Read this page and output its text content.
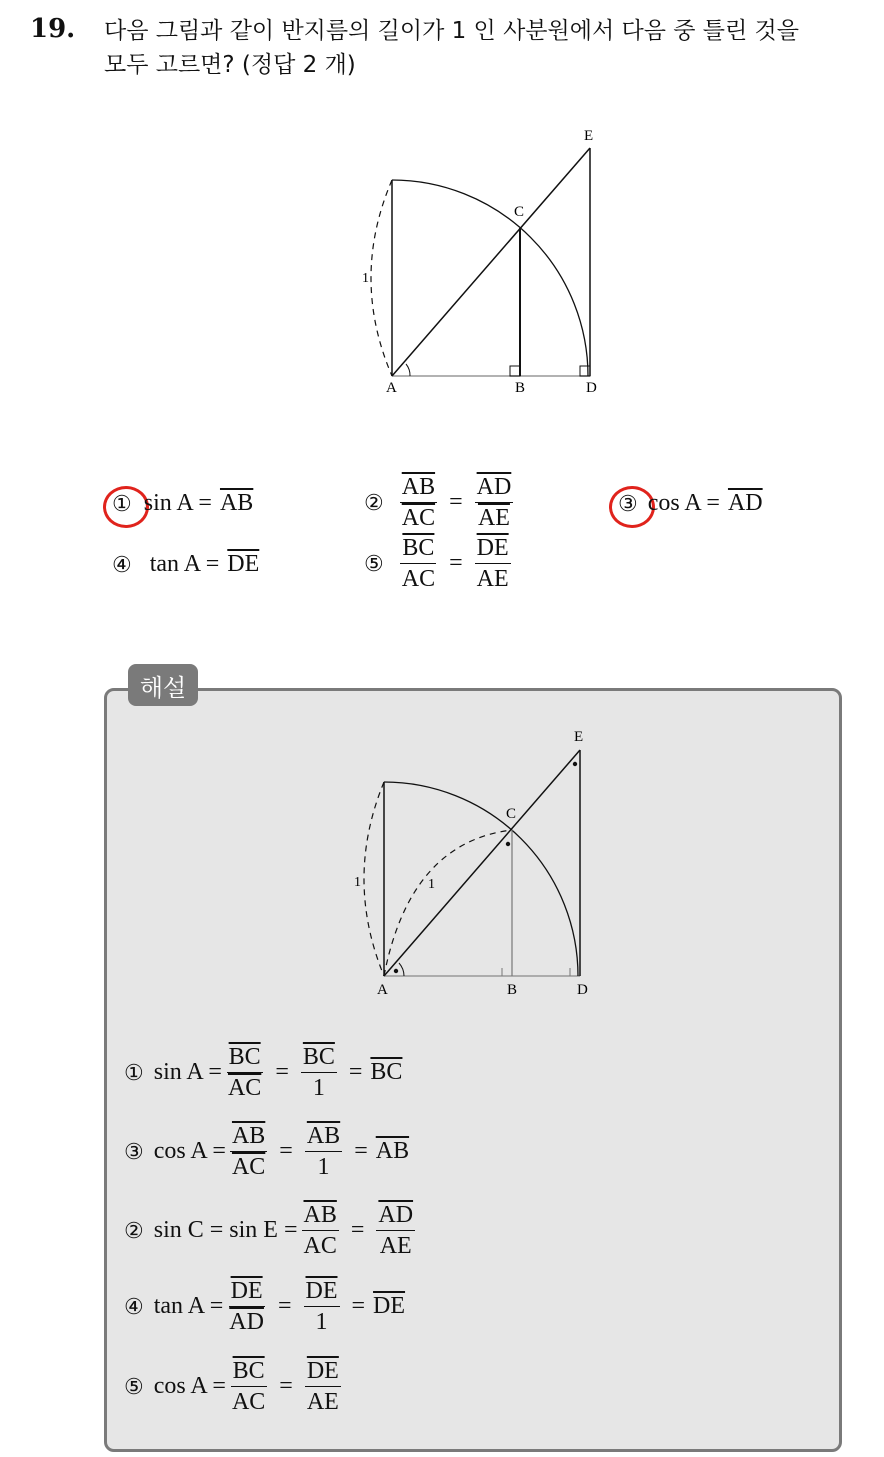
19. 다음 그림과 같이 반지름의 길이가 1 인 사분원에서 다음 중 틀린 것을
모두 고르면? (정답 2 개)
A	B	D
C
E
1
① $\sin A = \overline{AB}$	② $\frac{\overline{AB}}{AC} = \frac{\overline{AD}}{AE}$	③ $\cos A = \overline{AD}$
④ $\tan A = \overline{DE}$	⑤ $\frac{\overline{BC}}{AC} = \frac{\overline{DE}}{AE}$
해설
A	B	D
C
E
1	1
① $\sin A = \frac{\overline{BC}}{AC} = \frac{\overline{BC}}{1} = \overline{BC}$
③ $\cos A = \frac{\overline{AB}}{AC} = \frac{\overline{AB}}{1} = \overline{AB}$
② $\sin C = \sin E = \frac{\overline{AB}}{AC} = \frac{\overline{AD}}{AE}$
④ $\tan A = \frac{\overline{DE}}{AD} = \frac{\overline{DE}}{1} = \overline{DE}$
⑤ $\cos A = \frac{\overline{BC}}{AC} = \frac{\overline{DE}}{AE}$
